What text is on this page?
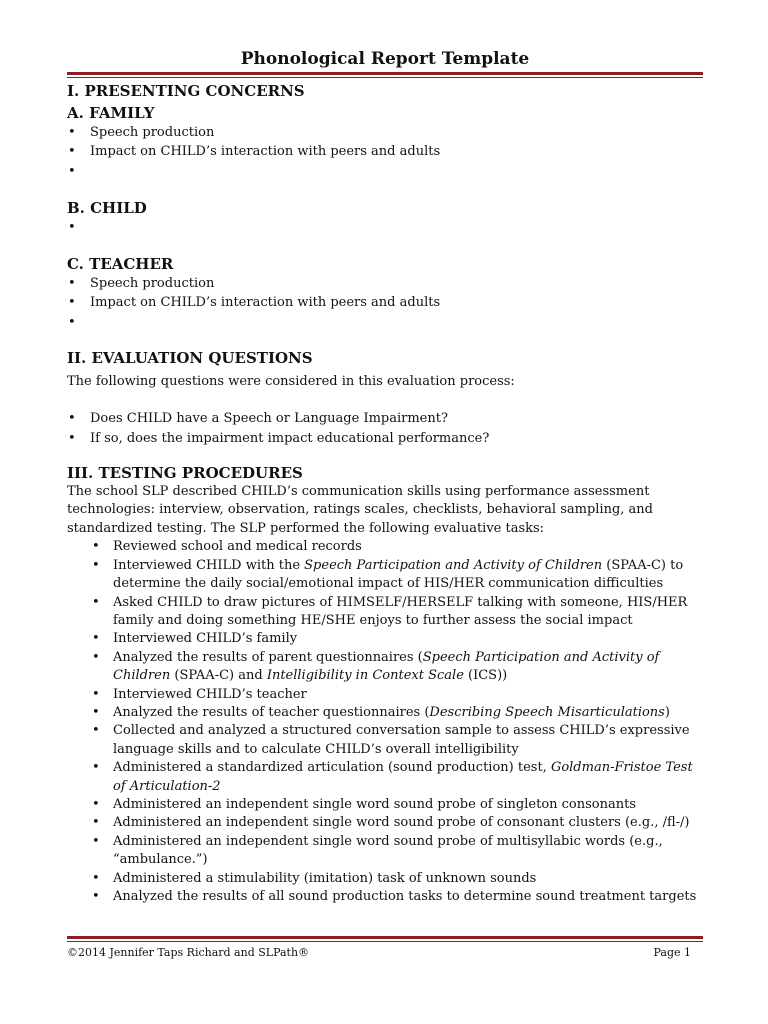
Phonological Report Template
I. PRESENTING CONCERNS
A. FAMILY
• Speech production
• Impact on CHILD’s interaction with peers and adults
•
B. CHILD
•
C. TEACHER
• Speech production
• Impact on CHILD’s interaction with peers and adults
•
II. EVALUATION QUESTIONS

The following questions were considered in this evaluation process:

• Does CHILD have a Speech or Language Impairment?
• If so, does the impairment impact educational performance?
III. TESTING PROCEDURES

The school SLP described CHILD’s communication skills using performance assessment technologies: interview, observation, ratings scales, checklists, behavioral sampling, and standardized testing. The SLP performed the following evaluative tasks:

• Reviewed school and medical records
• Interviewed CHILD with the Speech Participation and Activity of Children (SPAA-C) to determine the daily social/emotional impact of HIS/HER communication difficulties
• Asked CHILD to draw pictures of HIMSELF/HERSELF talking with someone, HIS/HER family and doing something HE/SHE enjoys to further assess the social impact
• Interviewed CHILD’s family
• Analyzed the results of parent questionnaires (Speech Participation and Activity of Children (SPAA-C) and Intelligibility in Context Scale (ICS))
• Interviewed CHILD’s teacher
• Analyzed the results of teacher questionnaires (Describing Speech Misarticulations)
• Collected and analyzed a structured conversation sample to assess CHILD’s expressive language skills and to calculate CHILD’s overall intelligibility
• Administered a standardized articulation (sound production) test, Goldman-Fristoe Test of Articulation-2
• Administered an independent single word sound probe of singleton consonants
• Administered an independent single word sound probe of consonant clusters (e.g., /fl-/)
• Administered an independent single word sound probe of multisyllabic words (e.g., “ambulance.”)
• Administered a stimulability (imitation) task of unknown sounds
• Analyzed the results of all sound production tasks to determine sound treatment targets
©2014 Jennifer Taps Richard and SLPath®	Page 1
